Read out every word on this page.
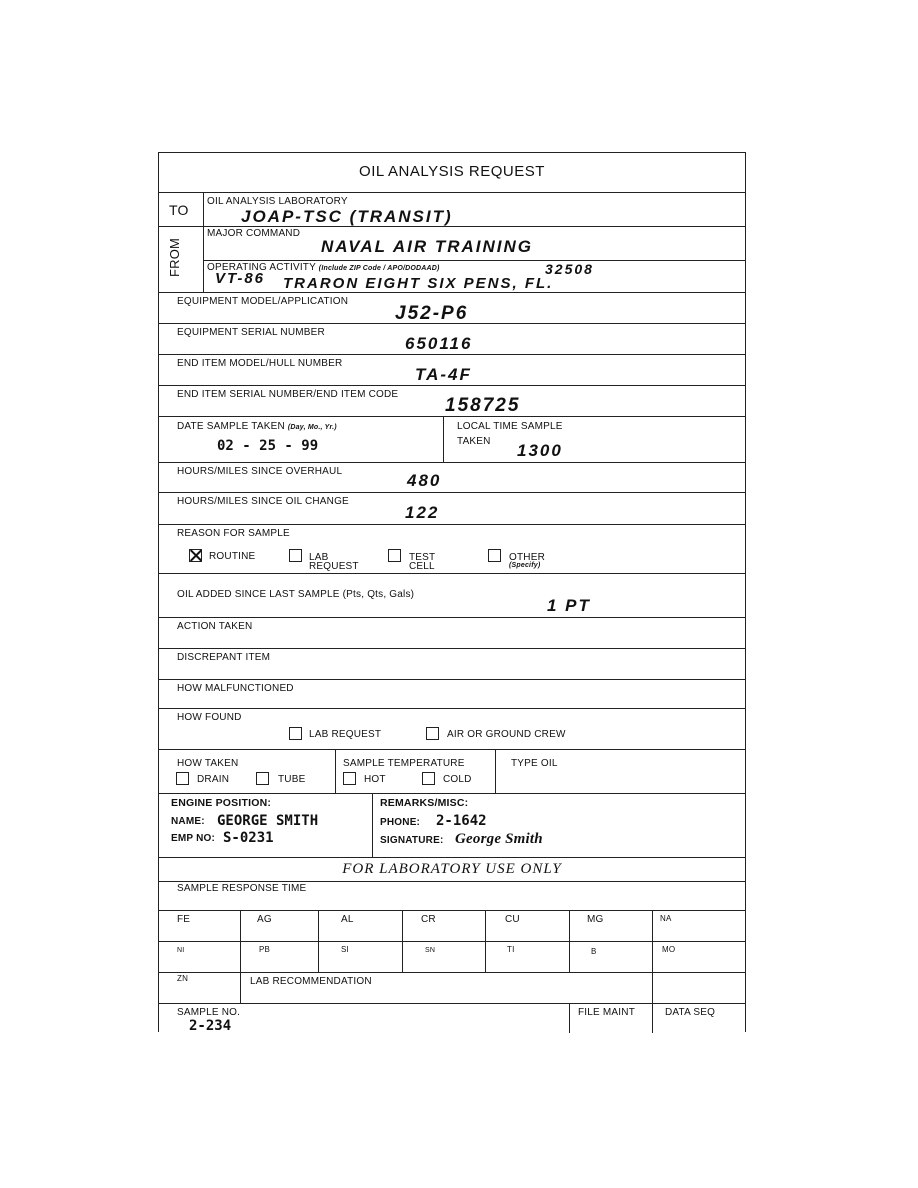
OIL ANALYSIS REQUEST
TO
OIL ANALYSIS LABORATORY
JOAP-TSC (TRANSIT)
FROM
MAJOR COMMAND
NAVAL AIR TRAINING
OPERATING ACTIVITY (Include ZIP Code / APO/DODAAD)
VT-86
32508
TRARON EIGHT SIX PENS, FL.
EQUIPMENT MODEL/APPLICATION
J52-P6
EQUIPMENT SERIAL NUMBER
650116
END ITEM MODEL/HULL NUMBER
TA-4F
END ITEM SERIAL NUMBER/END ITEM CODE
158725
DATE SAMPLE TAKEN (Day, Mo., Yr.)
02 - 25 - 99
LOCAL TIME SAMPLE
TAKEN 1300
HOURS/MILES SINCE OVERHAUL	480
HOURS/MILES SINCE OIL CHANGE
122
REASON FOR SAMPLE
ROUTINE	LAB
REQUEST
TEST
CELL
OTHER
(Specify)
OIL ADDED SINCE LAST SAMPLE (Pts, Qts, Gals)
1 PT
ACTION TAKEN
DISCREPANT ITEM
HOW MALFUNCTIONED
HOW FOUND
LAB REQUEST	AIR OR GROUND CREW
HOW TAKEN
DRAIN	TUBE
SAMPLE TEMPERATURE
HOT	COLD
TYPE OIL
ENGINE POSITION:
NAME: GEORGE SMITH
EMP NO: S-0231
REMARKS/MISC:
PHONE: 2-1642
SIGNATURE: George Smith
FOR LABORATORY USE ONLY
SAMPLE RESPONSE TIME
FE	AG	AL	CR	CU	MG	NA
NI	PB	SI	SN	TI	B	MO
ZN	LAB RECOMMENDATION
SAMPLE NO.
2-234
FILE MAINT	DATA SEQ
